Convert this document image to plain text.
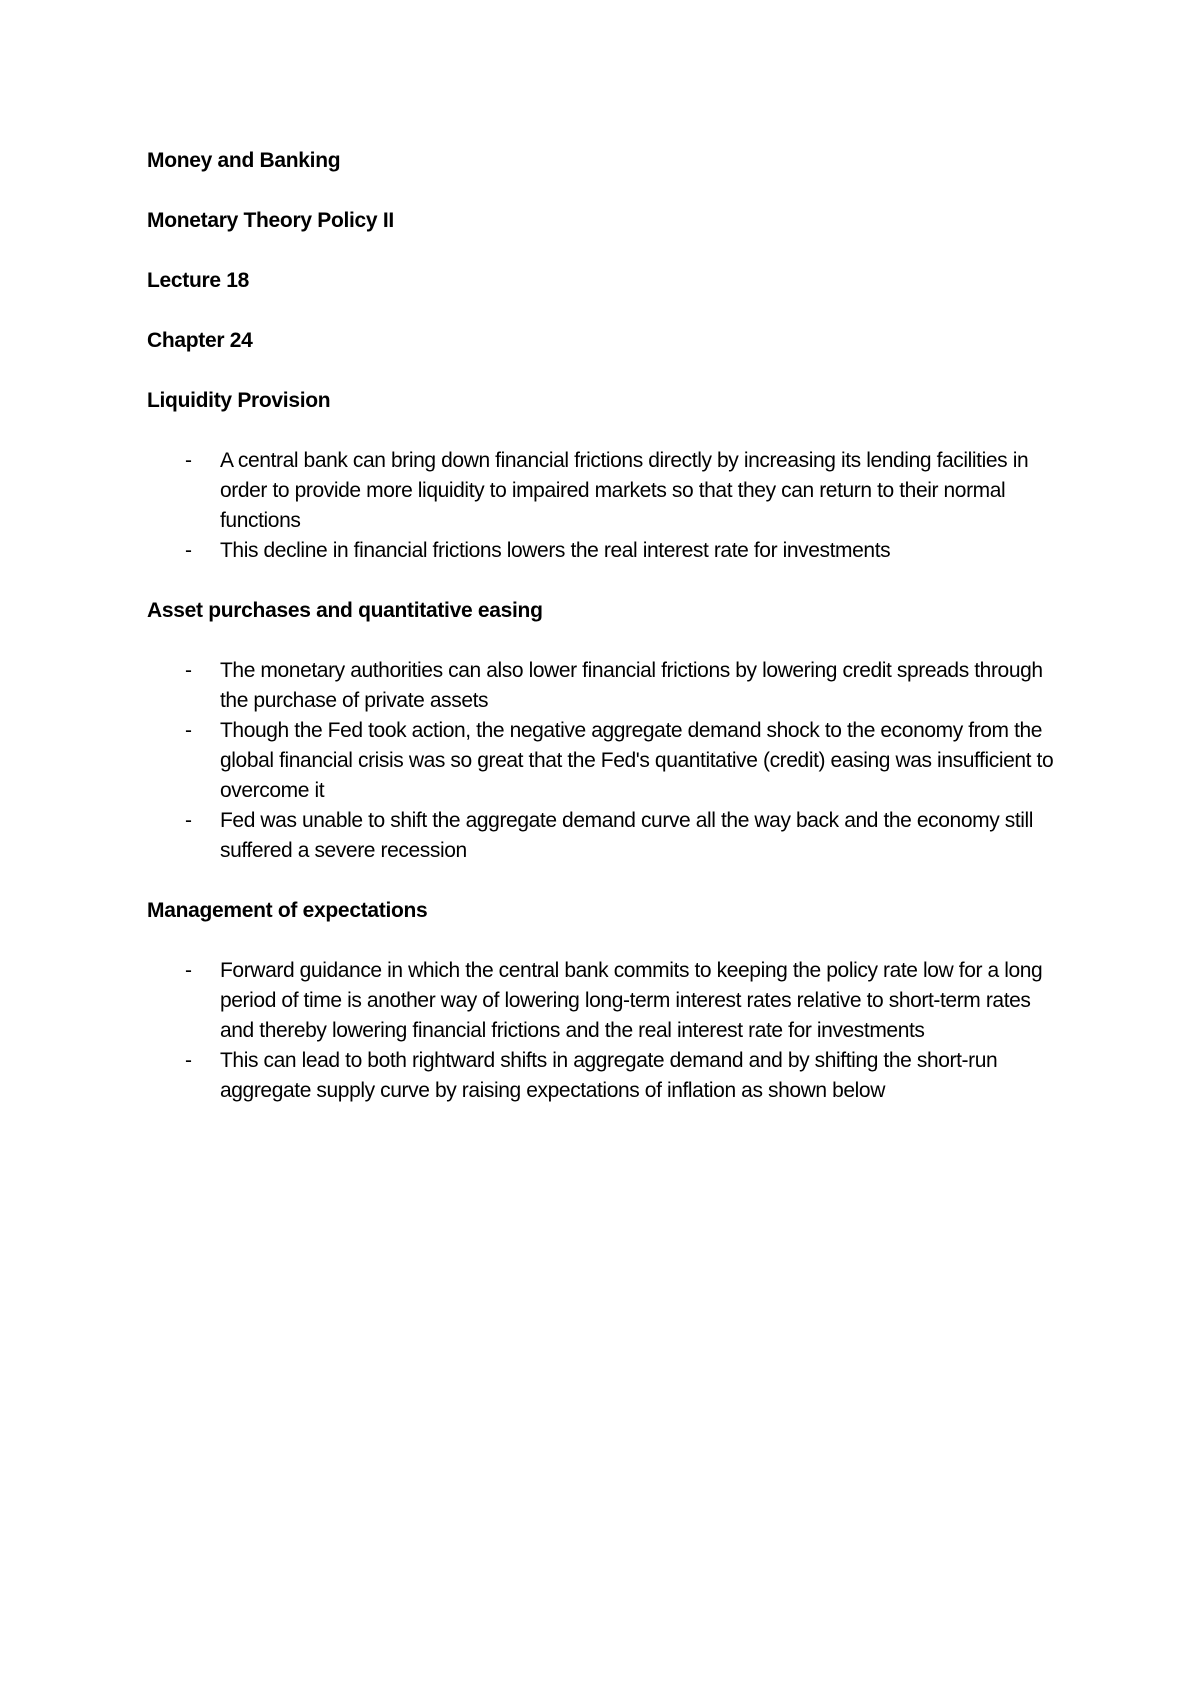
Money and Banking

Monetary Theory Policy II

Lecture 18

Chapter 24

Liquidity Provision

- A central bank can bring down financial frictions directly by increasing its lending facilities in order to provide more liquidity to impaired markets so that they can return to their normal functions
- This decline in financial frictions lowers the real interest rate for investments

Asset purchases and quantitative easing

- The monetary authorities can also lower financial frictions by lowering credit spreads through the purchase of private assets
- Though the Fed took action, the negative aggregate demand shock to the economy from the global financial crisis was so great that the Fed's quantitative (credit) easing was insufficient to overcome it
- Fed was unable to shift the aggregate demand curve all the way back and the economy still suffered a severe recession

Management of expectations

- Forward guidance in which the central bank commits to keeping the policy rate low for a long period of time is another way of lowering long-term interest rates relative to short-term rates and thereby lowering financial frictions and the real interest rate for investments
- This can lead to both rightward shifts in aggregate demand and by shifting the short-run aggregate supply curve by raising expectations of inflation as shown below
